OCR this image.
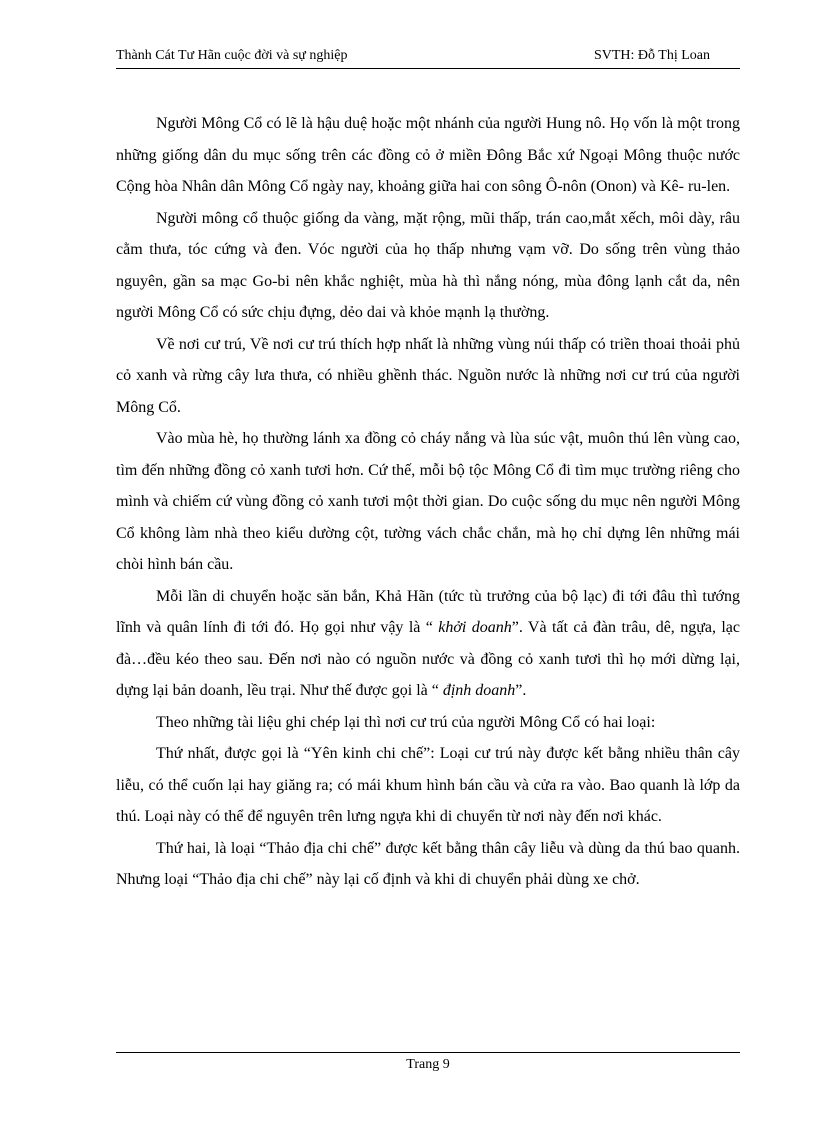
Thành Cát Tư Hãn cuộc đời và sự nghiệp	SVTH: Đỗ Thị Loan

Người Mông Cổ có lẽ là hậu duệ hoặc một nhánh của người Hung nô. Họ vốn là một trong những giống dân du mục sống trên các đồng cỏ ở miền Đông Bắc xứ Ngoại Mông thuộc nước Cộng hòa Nhân dân Mông Cổ ngày nay, khoảng giữa hai con sông Ô-nôn (Onon) và Kê- ru-len.

Người mông cổ thuộc giống da vàng, mặt rộng, mũi thấp, trán cao,mắt xếch, môi dày, râu cằm thưa, tóc cứng và đen. Vóc người của họ thấp nhưng vạm vỡ. Do sống trên vùng thảo nguyên, gần sa mạc Go-bi nên khắc nghiệt, mùa hà thì nắng nóng, mùa đông lạnh cắt da, nên người Mông Cổ có sức chịu đựng, dẻo dai và khỏe mạnh lạ thường.

Về nơi cư trú, Về nơi cư trú thích hợp nhất là những vùng núi thấp có triền thoai thoải phủ cỏ xanh và rừng cây lưa thưa, có nhiều ghềnh thác. Nguồn nước là những nơi cư trú của người Mông Cổ.

Vào mùa hè, họ thường lánh xa đồng cỏ cháy nắng và lùa súc vật, muôn thú lên vùng cao, tìm đến những đồng cỏ xanh tươi hơn. Cứ thế, mỗi bộ tộc Mông Cổ đi tìm mục trường riêng cho mình và chiếm cứ vùng đồng cỏ xanh tươi một thời gian. Do cuộc sống du mục nên người Mông Cổ không làm nhà theo kiểu dường cột, tường vách chắc chắn, mà họ chỉ dựng lên những mái chòi hình bán cầu.

Mỗi lần di chuyển hoặc săn bắn, Khả Hãn (tức tù trưởng của bộ lạc) đi tới đâu thì tướng lĩnh và quân lính đi tới đó. Họ gọi như vậy là “ khởi doanh”. Và tất cả đàn trâu, dê, ngựa, lạc đà…đều kéo theo sau. Đến nơi nào có nguồn nước và đồng cỏ xanh tươi thì họ mới dừng lại, dựng lại bản doanh, lều trại. Như thế được gọi là “ định doanh”.

Theo những tài liệu ghi chép lại thì nơi cư trú của người Mông Cổ có hai loại:

Thứ nhất, được gọi là “Yên kinh chi chế”: Loại cư trú này được kết bằng nhiều thân cây liễu, có thể cuốn lại hay giăng ra; có mái khum hình bán cầu và cửa ra vào. Bao quanh là lớp da thú. Loại này có thể để nguyên trên lưng ngựa khi di chuyển từ nơi này đến nơi khác.

Thứ hai, là loại “Thảo địa chi chế” được kết bằng thân cây liễu và dùng da thú bao quanh. Nhưng loại “Thảo địa chi chế” này lại cố định và khi di chuyển phải dùng xe chở.

Trang 9
